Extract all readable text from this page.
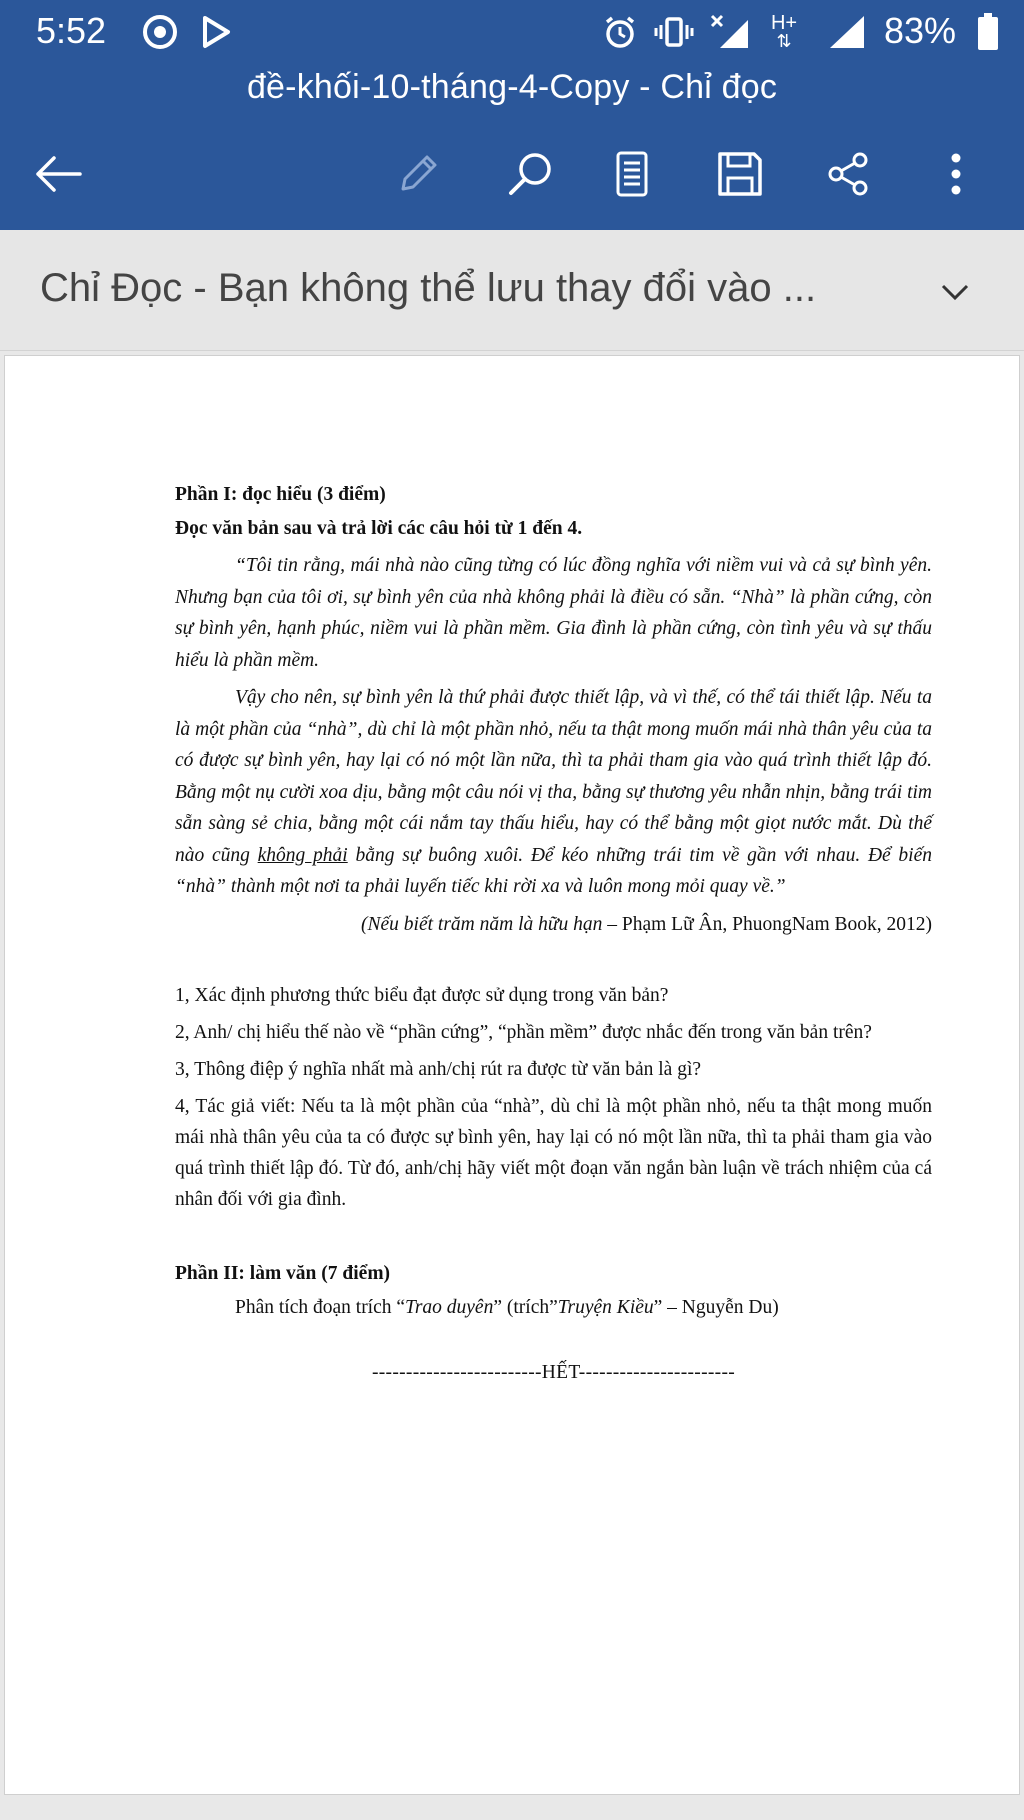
5:52	H+
⇅	83%
đề-khối-10-tháng-4-Copy - Chỉ đọc
Chỉ Đọc - Bạn không thể lưu thay đổi vào ...

Phần I: đọc hiểu (3 điểm)

Đọc văn bản sau và trả lời các câu hỏi từ 1 đến 4.

“Tôi tin rằng, mái nhà nào cũng từng có lúc đồng nghĩa với niềm vui và cả sự bình yên. Nhưng bạn của tôi ơi, sự bình yên của nhà không phải là điều có sẵn. “Nhà” là phần cứng, còn sự bình yên, hạnh phúc, niềm vui là phần mềm. Gia đình là phần cứng, còn tình yêu và sự thấu hiểu là phần mềm.

Vậy cho nên, sự bình yên là thứ phải được thiết lập, và vì thế, có thể tái thiết lập. Nếu ta là một phần của “nhà”, dù chỉ là một phần nhỏ, nếu ta thật mong muốn mái nhà thân yêu của ta có được sự bình yên, hay lại có nó một lần nữa, thì ta phải tham gia vào quá trình thiết lập đó. Bằng một nụ cười xoa dịu, bằng một câu nói vị tha, bằng sự thương yêu nhẫn nhịn, bằng trái tim sẵn sàng sẻ chia, bằng một cái nắm tay thấu hiểu, hay có thể bằng một giọt nước mắt. Dù thế nào cũng không phải bằng sự buông xuôi. Để kéo những trái tim về gần với nhau. Để biến “nhà” thành một nơi ta phải luyến tiếc khi rời xa và luôn mong mỏi quay về.”

(Nếu biết trăm năm là hữu hạn – Phạm Lữ Ân, PhuongNam Book, 2012)

1, Xác định phương thức biểu đạt được sử dụng trong văn bản?

2, Anh/ chị hiểu thế nào về “phần cứng”, “phần mềm” được nhắc đến trong văn bản trên?

3, Thông điệp ý nghĩa nhất mà anh/chị rút ra được từ văn bản là gì?

4, Tác giả viết: Nếu ta là một phần của “nhà”, dù chỉ là một phần nhỏ, nếu ta thật mong muốn mái nhà thân yêu của ta có được sự bình yên, hay lại có nó một lần nữa, thì ta phải tham gia vào quá trình thiết lập đó. Từ đó, anh/chị hãy viết một đoạn văn ngắn bàn luận về trách nhiệm của cá nhân đối với gia đình.

Phần II: làm văn (7 điểm)

Phân tích đoạn trích “Trao duyên” (trích”Truyện Kiều” – Nguyễn Du)

-------------------------HẾT-----------------------
